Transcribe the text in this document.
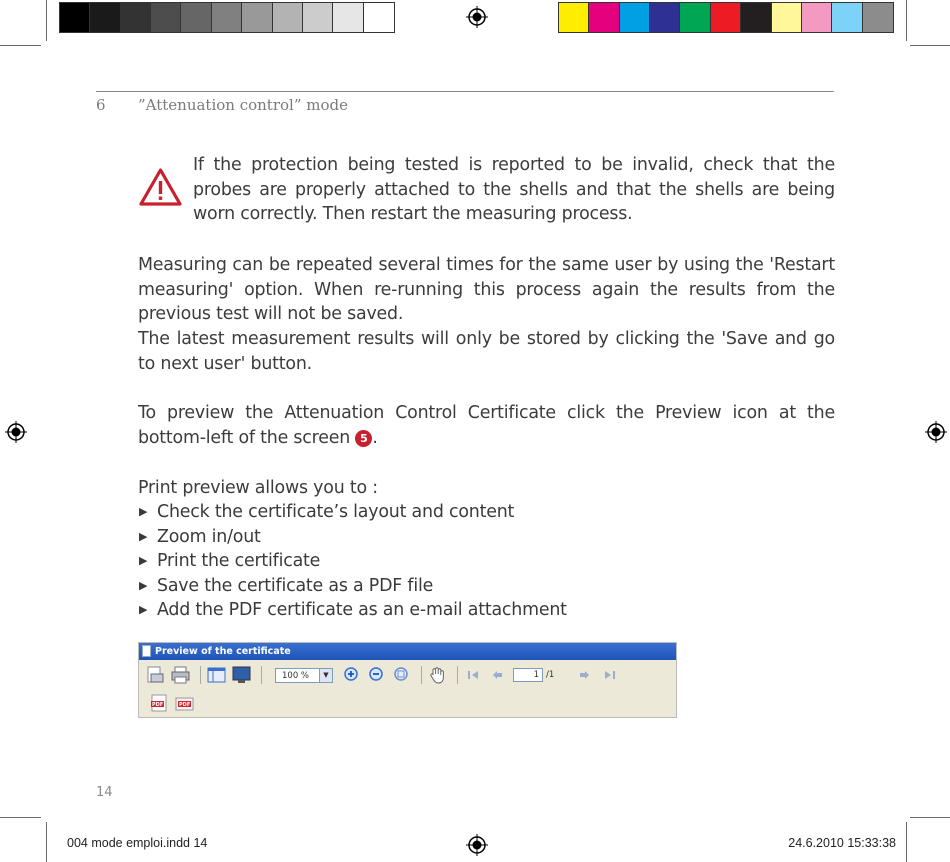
6 ”Attenuation control” mode
If the protection being tested is reported to be invalid, check that the probes are properly attached to the shells and that the shells are being worn correctly. Then restart the measuring process.
Measuring can be repeated several times for the same user by using the 'Restart measuring' option. When re-running this process again the results from the previous test will not be saved.
The latest measurement results will only be stored by clicking the 'Save and go to next user' button.
To preview the Attenuation Control Certificate click the Preview icon at the bottom-left of the screen 5 .
Print preview allows you to :
▶ Check the certificate’s layout and content
▶ Zoom in/out
▶ Print the certificate
▶ Save the certificate as a PDF file
▶ Add the PDF certificate as an e-mail attachment
Preview of the certificate
100 %	▼	1 /1
PDF	PDF
14
004 mode emploi.indd 14	24.6.2010 15:33:38
